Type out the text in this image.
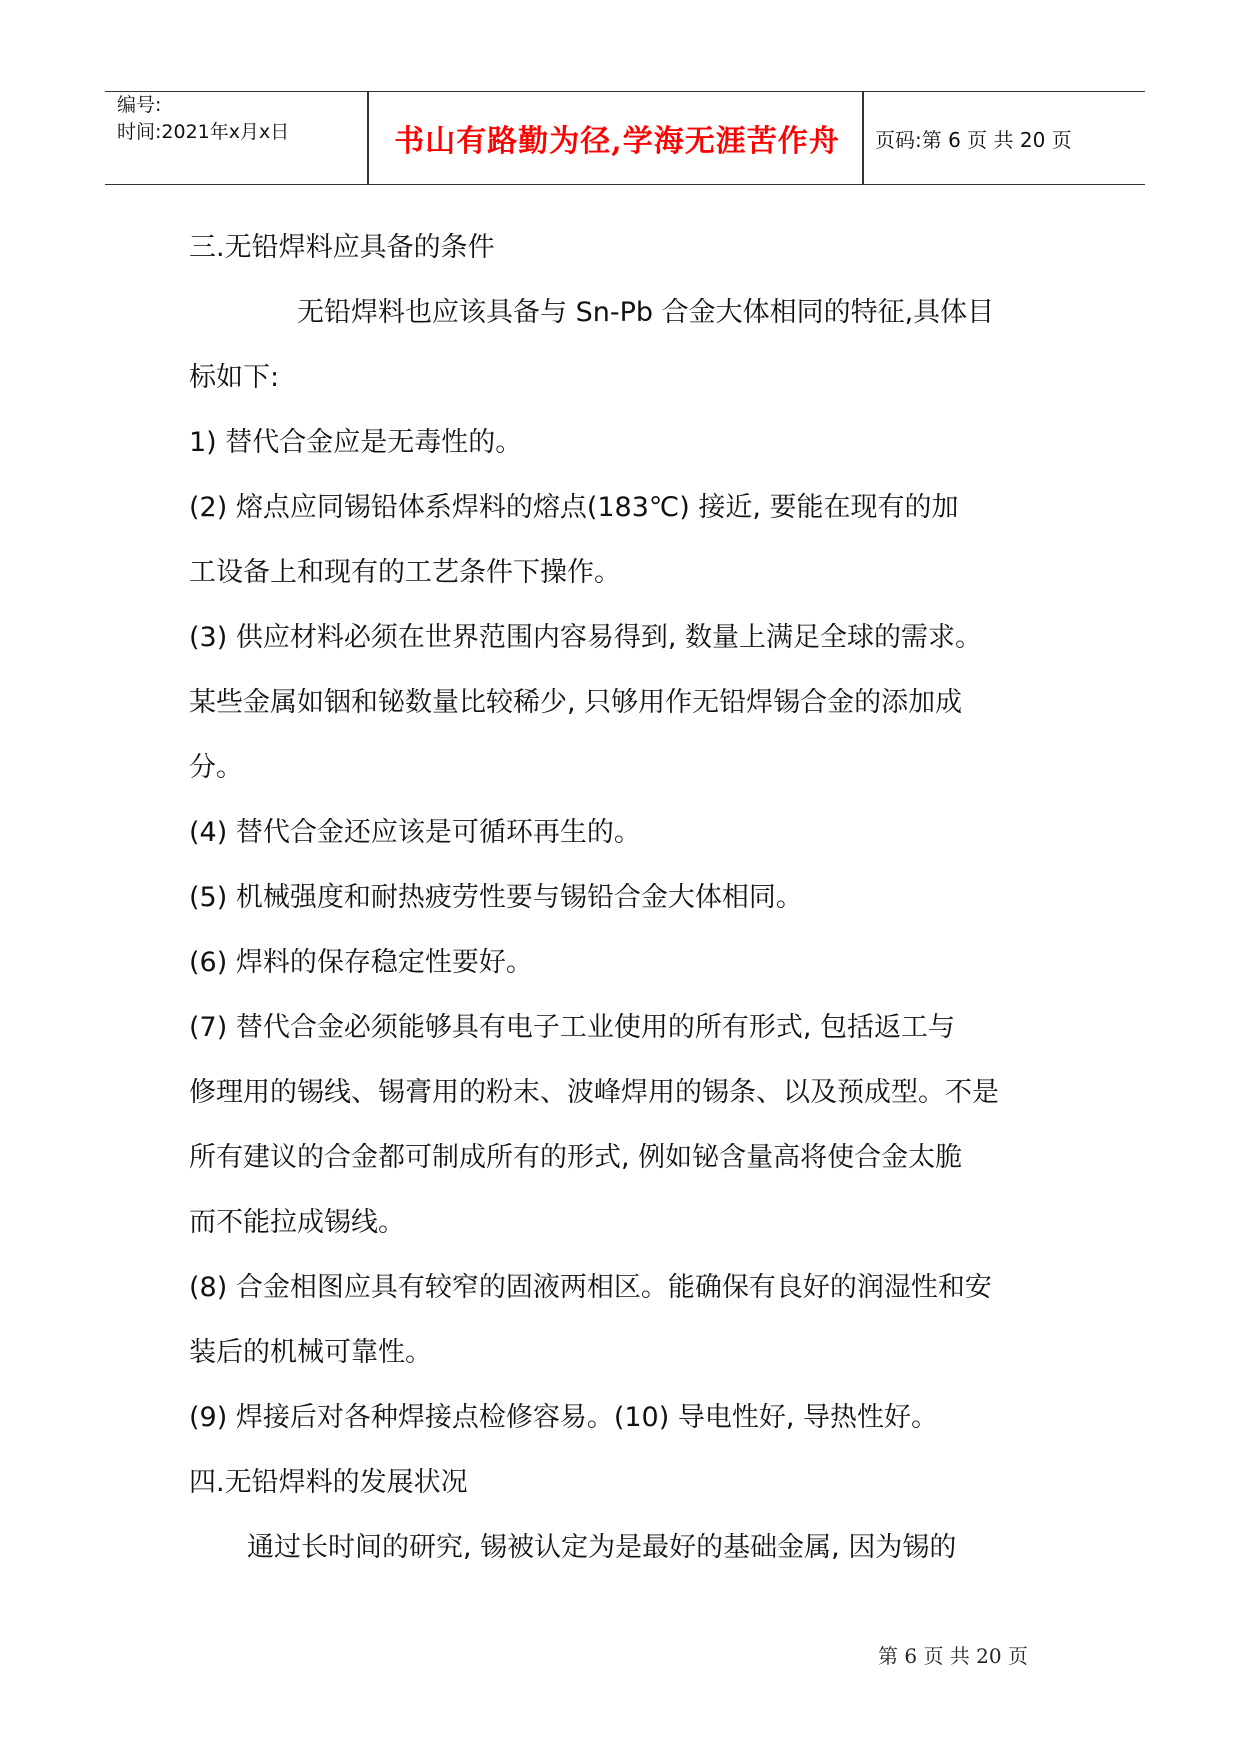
编号:
时间:2021年x月x日	书山有路勤为径,学海无涯苦作舟	页码:第 6 页 共 20 页

三.无铅焊料应具备的条件

无铅焊料也应该具备与 Sn-Pb 合金大体相同的特征,具体目

标如下:

1) 替代合金应是无毒性的。

(2) 熔点应同锡铅体系焊料的熔点(183℃) 接近, 要能在现有的加

工设备上和现有的工艺条件下操作。

(3) 供应材料必须在世界范围内容易得到, 数量上满足全球的需求。

某些金属如铟和铋数量比较稀少, 只够用作无铅焊锡合金的添加成

分。

(4) 替代合金还应该是可循环再生的。

(5) 机械强度和耐热疲劳性要与锡铅合金大体相同。

(6) 焊料的保存稳定性要好。

(7) 替代合金必须能够具有电子工业使用的所有形式, 包括返工与

修理用的锡线、锡膏用的粉末、波峰焊用的锡条、以及预成型。不是

所有建议的合金都可制成所有的形式, 例如铋含量高将使合金太脆

而不能拉成锡线。

(8) 合金相图应具有较窄的固液两相区。能确保有良好的润湿性和安

装后的机械可靠性。

(9) 焊接后对各种焊接点检修容易。(10) 导电性好, 导热性好。

四.无铅焊料的发展状况

通过长时间的研究, 锡被认定为是最好的基础金属, 因为锡的

第 6 页 共 20 页
